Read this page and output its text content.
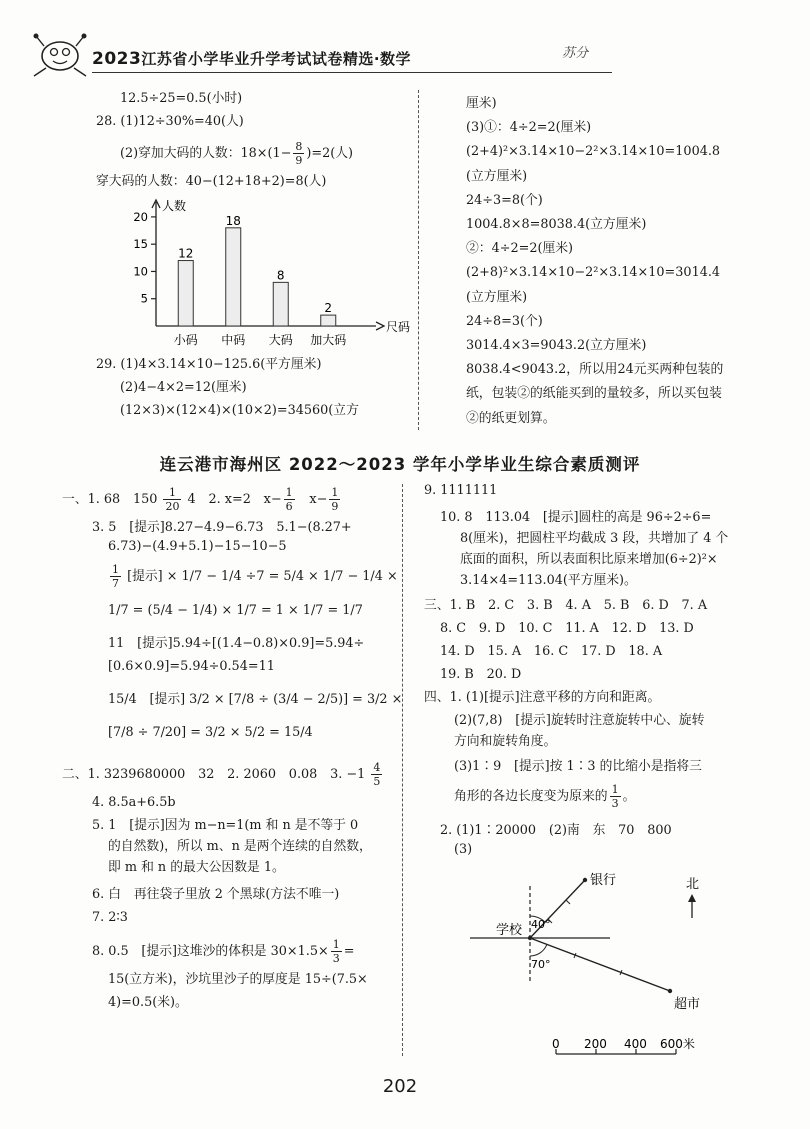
2023江苏省小学毕业升学考试试卷精选·数学	苏分
12.5÷25=0.5(小时)
28. (1)12÷30%=40(人)
(2)穿加大码的人数：$18\times(1- \frac{8}{9} )=2$(人)
穿大码的人数：40−(12+18+2)=8(人)
人数
尺码
5
10
15
20
12
小码
18
中码
8
大码
2
加大码
29. (1)4×3.14×10−125.6(平方厘米)
(2)4−4×2=12(厘米)
(12×3)×(12×4)×(10×2)=34560(立方
厘米)
(3)①：4÷2=2(厘米)
(2+4)²×3.14×10−2²×3.14×10=1004.8
(立方厘米)
24÷3=8(个)
1004.8×8=8038.4(立方厘米)
②：4÷2=2(厘米)
(2+8)²×3.14×10−2²×3.14×10=3014.4
(立方厘米)
24÷8=3(个)
3014.4×3=9043.2(立方厘米)
8038.4<9043.2，所以用24元买两种包装的
纸，包装②的纸能买到的量较多，所以买包装
②的纸更划算。
连云港市海州区 2022～2023 学年小学毕业生综合素质测评
一、1. 68　$150 \frac{1}{20} 4$　2. x=2　$x- \frac{1}{6}$ 　$x- \frac{1}{9}$
3. 5　[提示]8.27−4.9−6.73　5.1−(8.27+
6.73)−(4.9+5.1)−15−10−5
$\frac{1}{7}$ [提示] × 1/7 − 1/4 ÷7 = 5/4 × 1/7 − 1/4 ×
1/7 = (5/4 − 1/4) × 1/7 = 1 × 1/7 = 1/7
11　[提示]5.94÷[(1.4−0.8)×0.9]=5.94÷
[0.6×0.9]=5.94÷0.54=11
15/4　[提示] 3/2 × [7/8 ÷ (3/4 − 2/5)] = 3/2 ×
[7/8 ÷ 7/20] = 3/2 × 5/2 = 15/4
二、1. 3239680000　32　2. 2060　0.08　3. $-1 \frac{4}{5}$
4. 8.5a+6.5b
5. 1　[提示]因为 m−n=1(m 和 n 是不等于 0
的自然数)，所以 m、n 是两个连续的自然数，
即 m 和 n 的最大公因数是 1。
6. 白　再往袋子里放 2 个黑球(方法不唯一)
7. 2∶3
8. 0.5　[提示]这堆沙的体积是 $30\times 1.5\times \frac{1}{3}$ =
15(立方米)，沙坑里沙子的厚度是 15÷(7.5×
4)=0.5(米)。
9. 1111111
10. 8　113.04　[提示]圆柱的高是 96÷2÷6=
8(厘米)，把圆柱平均截成 3 段，共增加了 4 个
底面的面积，所以表面积比原来增加(6÷2)²×
3.14×4=113.04(平方厘米)。
三、1. B　2. C　3. B　4. A　5. B　6. D　7. A
8. C　9. D　10. C　11. A　12. D　13. D
14. D　15. A　16. C　17. D　18. A
19. B　20. D
四、1. (1)[提示]注意平移的方向和距离。
(2)(7,8)　[提示]旋转时注意旋转中心、旋转
方向和旋转角度。
(3)1∶9　[提示]按 1∶3 的比缩小是指将三
角形的各边长度变为原来的 $\frac{1}{3}$ 。
2. (1)1∶20000　(2)南　东　70　800
(3)
银行
学校
超市
40°
70°
北
0 200 400 600米
202
